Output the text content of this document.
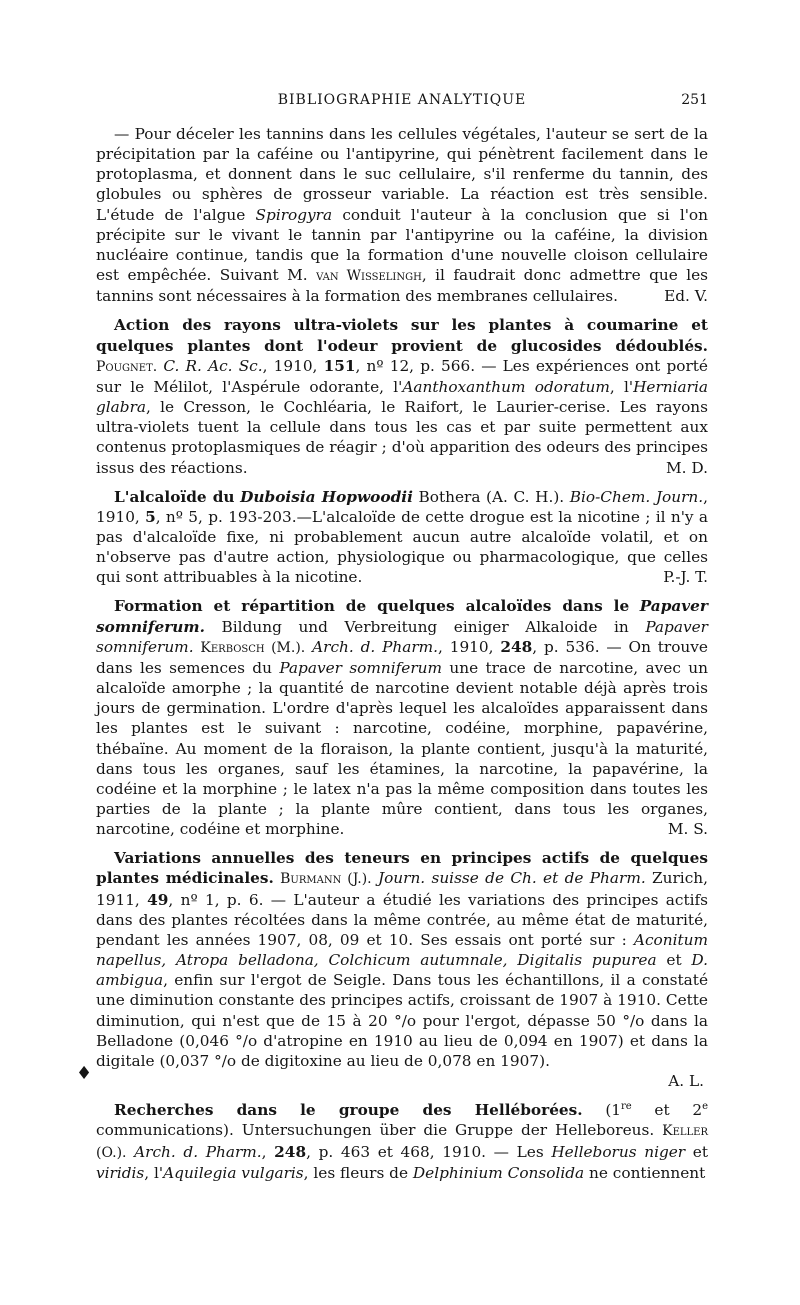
BIBLIOGRAPHIE ANALYTIQUE	251
♦

— Pour déceler les tannins dans les cellules végétales, l'auteur se sert de la précipitation par la caféine ou l'antipyrine, qui pénètrent facilement dans le protoplasma, et donnent dans le suc cellulaire, s'il renferme du tannin, des globules ou sphères de grosseur variable. La réaction est très sensible. L'étude de l'algue Spirogyra conduit l'auteur à la conclusion que si l'on précipite sur le vivant le tannin par l'antipyrine ou la caféine, la division nucléaire continue, tandis que la formation d'une nouvelle cloison cellulaire est empêchée. Suivant M. van Wisselingh, il faudrait donc admettre que les tannins sont nécessaires à la formation des membranes cellulaires.	Ed. V.

Action des rayons ultra-violets sur les plantes à coumarine et quelques plantes dont l'odeur provient de glucosides dédoublés. Pougnet. C. R. Ac. Sc., 1910, 151, nº 12, p. 566. — Les expériences ont porté sur le Mélilot, l'Aspérule odorante, l'Aanthoxanthum odoratum, l'Herniaria glabra, le Cresson, le Cochléaria, le Raifort, le Laurier-cerise. Les rayons ultra-violets tuent la cellule dans tous les cas et par suite permettent aux contenus protoplasmiques de réagir ; d'où apparition des odeurs des principes issus des réactions.	M. D.

L'alcaloïde du Duboisia Hopwoodii Bothera (A. C. H.). Bio-Chem. Journ., 1910, 5, nº 5, p. 193-203.—L'alcaloïde de cette drogue est la nicotine ; il n'y a pas d'alcaloïde fixe, ni probablement aucun autre alcaloïde volatil, et on n'observe pas d'autre action, physiologique ou pharmacologique, que celles qui sont attribuables à la nicotine.	P.-J. T.

Formation et répartition de quelques alcaloïdes dans le Papaver somniferum. Bildung und Verbreitung einiger Alkaloide in Papaver somniferum. Kerbosch (M.). Arch. d. Pharm., 1910, 248, p. 536. — On trouve dans les semences du Papaver somniferum une trace de narcotine, avec un alcaloïde amorphe ; la quantité de narcotine devient notable déjà après trois jours de germination. L'ordre d'après lequel les alcaloïdes apparaissent dans les plantes est le suivant : narcotine, codéine, morphine, papavérine, thébaïne. Au moment de la floraison, la plante contient, jusqu'à la maturité, dans tous les organes, sauf les étamines, la narcotine, la papavérine, la codéine et la morphine ; le latex n'a pas la même composition dans toutes les parties de la plante ; la plante mûre contient, dans tous les organes, narcotine, codéine et morphine.	M. S.

Variations annuelles des teneurs en principes actifs de quelques plantes médicinales. Burmann (J.). Journ. suisse de Ch. et de Pharm. Zurich, 1911, 49, nº 1, p. 6. — L'auteur a étudié les variations des principes actifs dans des plantes récoltées dans la même contrée, au même état de maturité, pendant les années 1907, 08, 09 et 10. Ses essais ont porté sur : Aconitum napellus, Atropa belladona, Colchicum autumnale, Digitalis pupurea et D. ambigua, enfin sur l'ergot de Seigle. Dans tous les échantillons, il a constaté une diminution constante des principes actifs, croissant de 1907 à 1910. Cette diminution, qui n'est que de 15 à 20 °/o pour l'ergot, dépasse 50 °/o dans la Belladone (0,046 °/o d'atropine en 1910 au lieu de 0,094 en 1907) et dans la digitale (0,037 °/o de digitoxine au lieu de 0,078 en 1907).

A. L.

Recherches dans le groupe des Helléborées. (1re et 2e communications). Untersuchungen über die Gruppe der Helleboreus. Keller (O.). Arch. d. Pharm., 248, p. 463 et 468, 1910. — Les Helleborus niger et viridis, l'Aquilegia vulgaris, les fleurs de Delphinium Consolida ne contiennent
